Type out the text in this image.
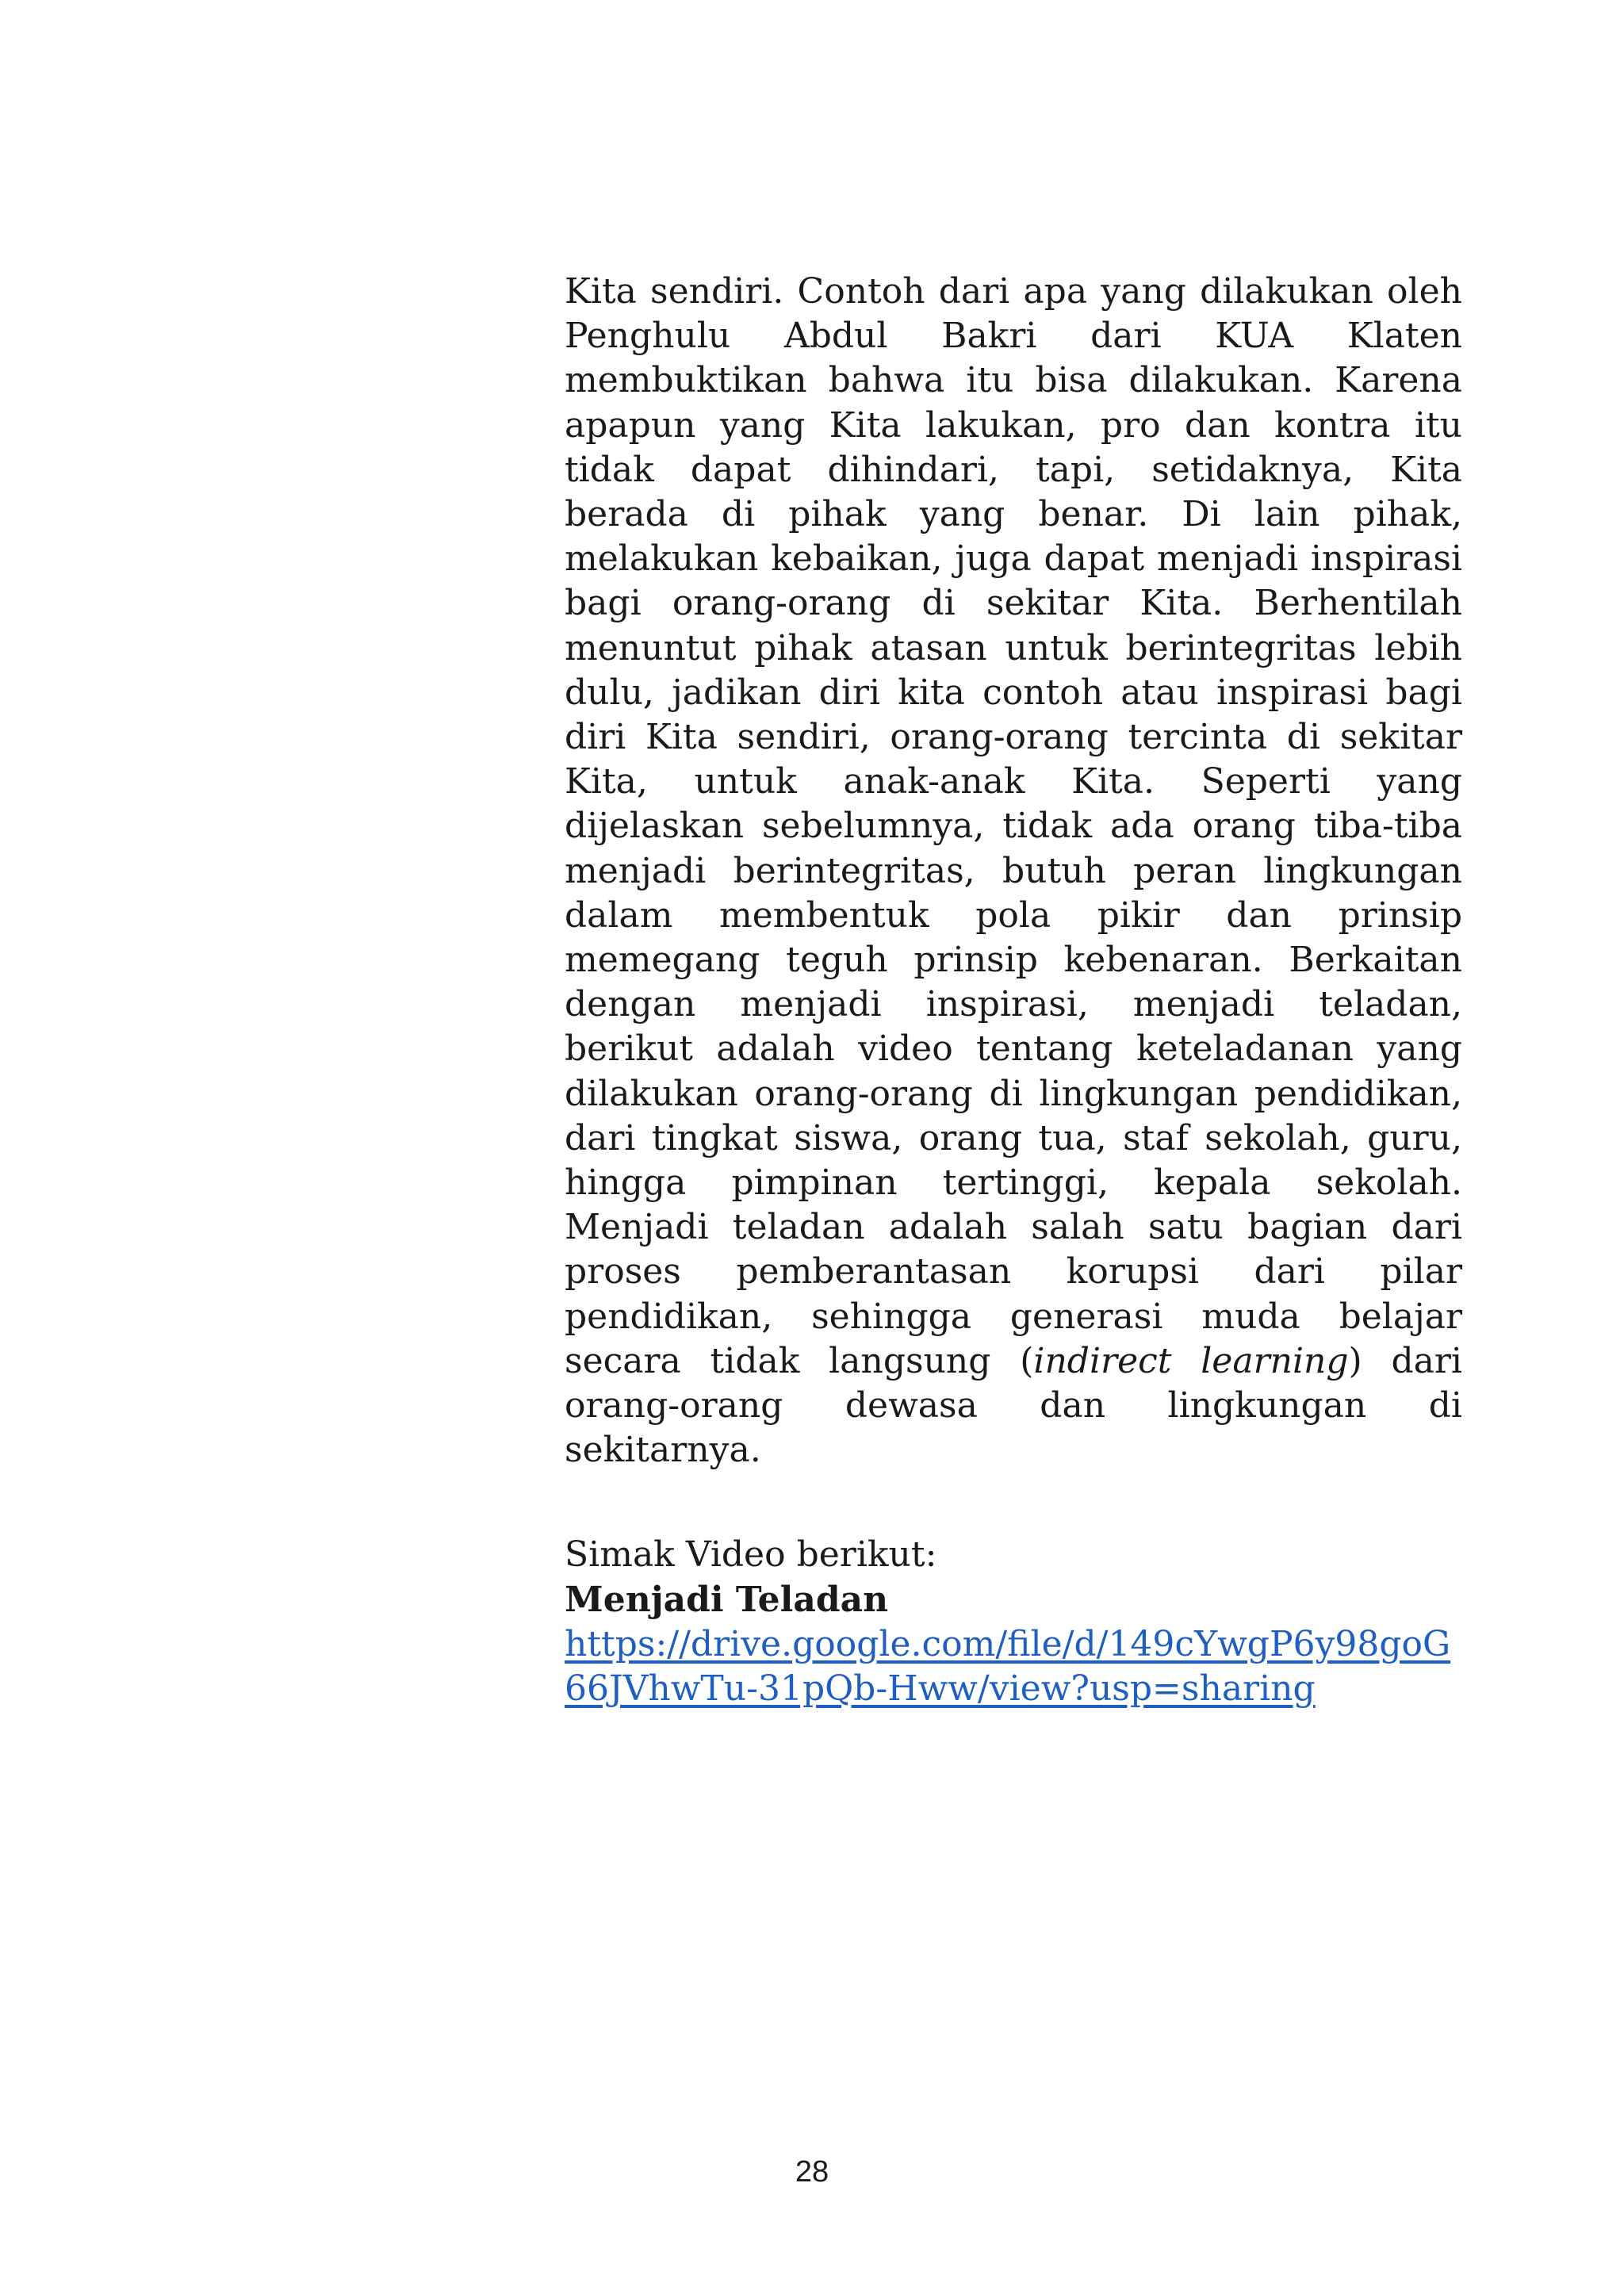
Kita sendiri. Contoh dari apa yang dilakukan oleh Penghulu Abdul Bakri dari KUA Klaten membuktikan bahwa itu bisa dilakukan. Karena apapun yang Kita lakukan, pro dan kontra itu tidak dapat dihindari, tapi, setidaknya, Kita berada di pihak yang benar. Di lain pihak, melakukan kebaikan, juga dapat menjadi inspirasi bagi orang-orang di sekitar Kita. Berhentilah menuntut pihak atasan untuk berintegritas lebih dulu, jadikan diri kita contoh atau inspirasi bagi diri Kita sendiri, orang-orang tercinta di sekitar Kita, untuk anak-anak Kita. Seperti yang dijelaskan sebelumnya, tidak ada orang tiba-tiba menjadi berintegritas, butuh peran lingkungan dalam membentuk pola pikir dan prinsip memegang teguh prinsip kebenaran. Berkaitan dengan menjadi inspirasi, menjadi teladan, berikut adalah video tentang keteladanan yang dilakukan orang-orang di lingkungan pendidikan, dari tingkat siswa, orang tua, staf sekolah, guru, hingga pimpinan tertinggi, kepala sekolah. Menjadi teladan adalah salah satu bagian dari proses pemberantasan korupsi dari pilar pendidikan, sehingga generasi muda belajar secara tidak langsung (indirect learning) dari orang-orang dewasa dan lingkungan di sekitarnya.

Simak Video berikut:
Menjadi Teladan
https://drive.google.com/file/d/149cYwgP6y98goG66JVhwTu-31pQb-Hww/view?usp=sharing
28
